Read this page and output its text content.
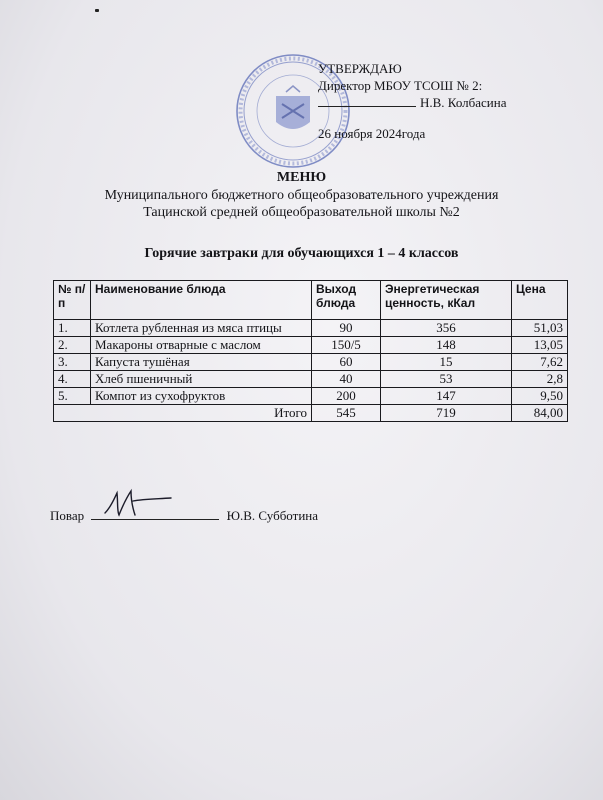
УТВЕРЖДАЮ
Директор МБОУ ТСОШ № 2:
Н.В. Колбасина
26 ноября 2024года
МЕНЮ
Муниципального бюджетного общеобразовательного учреждения
Тацинской средней общеобразовательной школы №2
Горячие завтраки для обучающихся 1 – 4 классов
№ п/п	Наименование блюда	Выход блюда	Энергетическая ценность, кКал	Цена
1.	Котлета рубленная из мяса птицы	90	356	51,03
2.	Макароны отварные с маслом	150/5	148	13,05
3.	Капуста тушёная	60	15	7,62
4.	Хлеб пшеничный	40	53	2,8
5.	Компот из сухофруктов	200	147	9,50
Итого		545	719	84,00
Повар	Ю.В. Субботина
